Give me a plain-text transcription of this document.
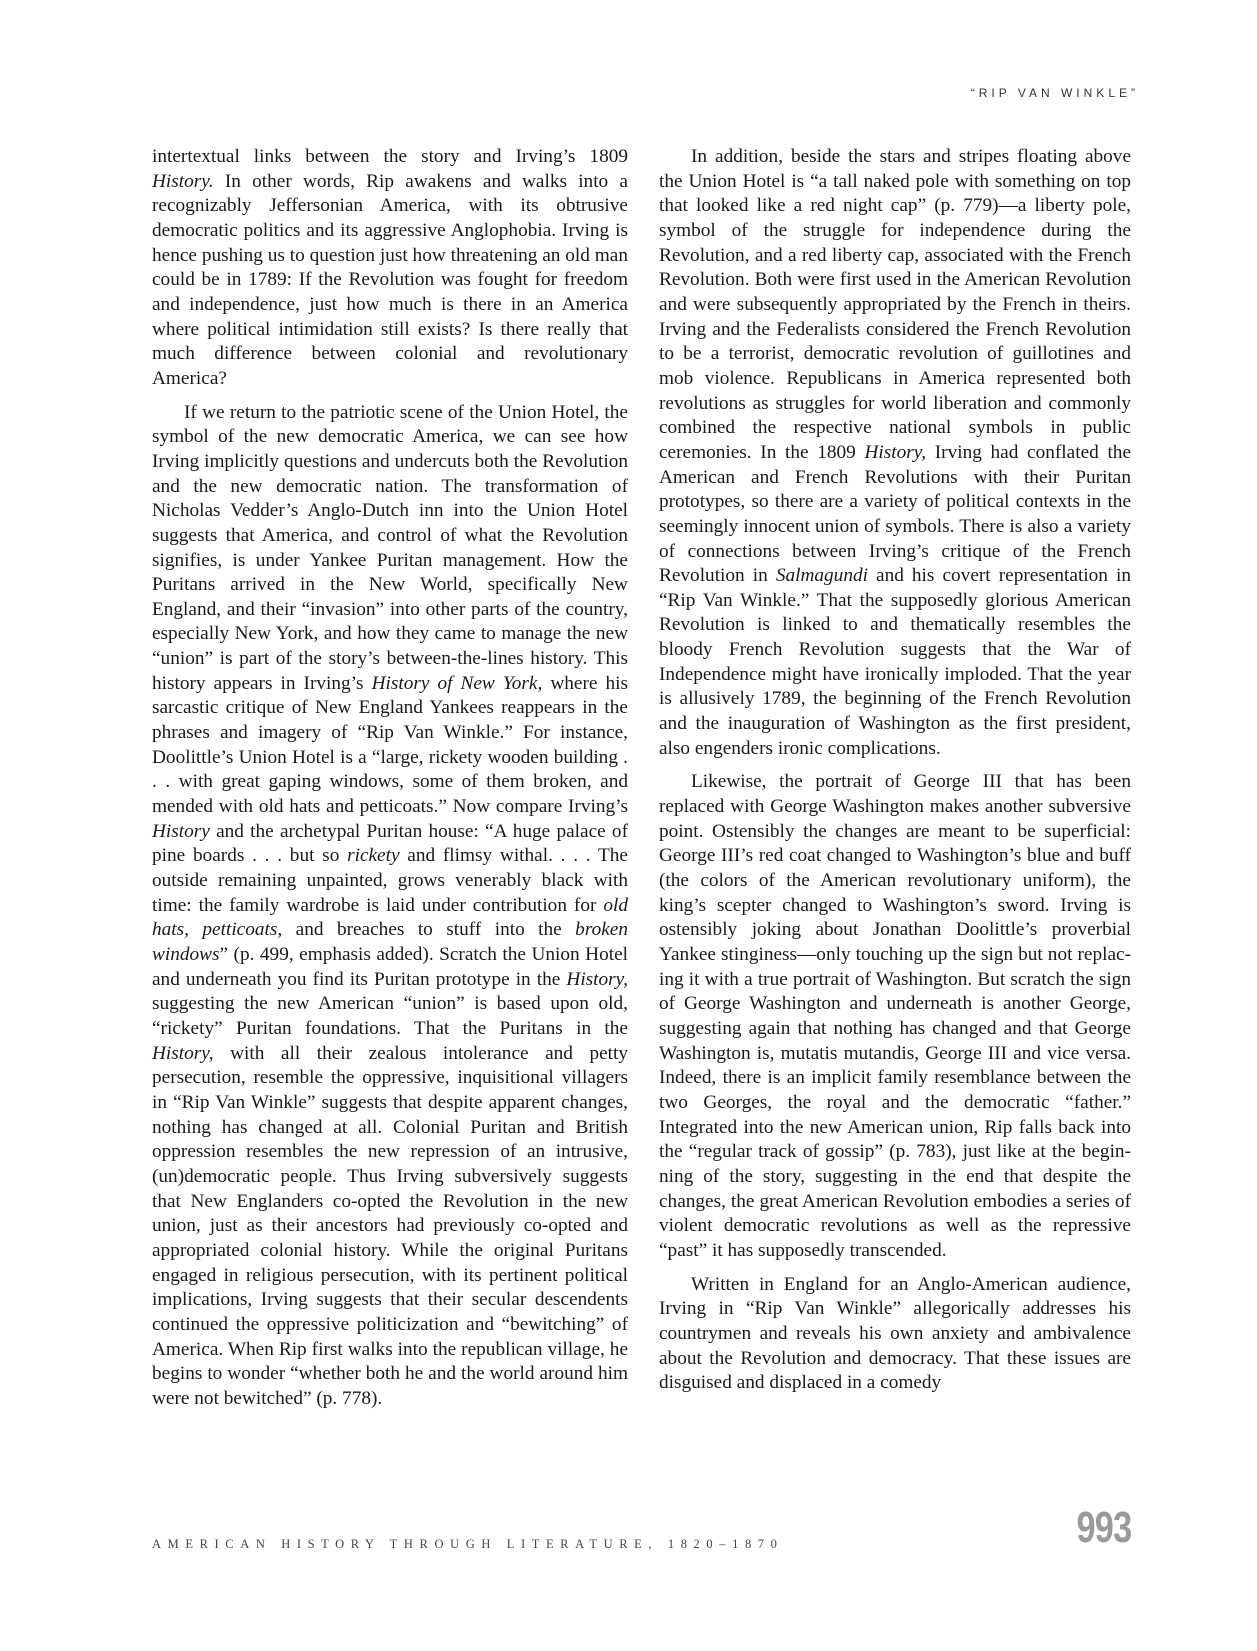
“RIP VAN WINKLE”

intertextual links between the story and Irving’s 1809 History. In other words, Rip awakens and walks into a recognizably Jeffersonian America, with its obtrusive democratic politics and its aggressive Anglophobia. Irving is hence pushing us to question just how threatening an old man could be in 1789: If the Revolution was fought for freedom and independence, just how much is there in an America where political intimidation still exists? Is there really that much difference between colonial and revolutionary America?

If we return to the patriotic scene of the Union Hotel, the symbol of the new democratic America, we can see how Irving implicitly questions and undercuts both the Revolution and the new democratic nation. The transformation of Nicholas Vedder’s Anglo-Dutch inn into the Union Hotel suggests that America, and control of what the Revolution signifies, is under Yankee Puritan management. How the Puritans arrived in the New World, specifically New England, and their “invasion” into other parts of the country, especially New York, and how they came to manage the new “union” is part of the story’s between-the-lines history. This history appears in Irving’s History of New York, where his sarcastic critique of New England Yankees reappears in the phrases and imagery of “Rip Van Winkle.” For instance, Doolittle’s Union Hotel is a “large, rickety wooden building . . . with great gaping windows, some of them broken, and mended with old hats and petticoats.” Now compare Irving’s History and the archetypal Puritan house: “A huge palace of pine boards . . . but so rickety and flimsy withal. . . . The outside remaining unpainted, grows venerably black with time: the family wardrobe is laid under contribution for old hats, petticoats, and breaches to stuff into the broken windows” (p. 499, emphasis added). Scratch the Union Hotel and underneath you find its Puritan prototype in the History, suggesting the new American “union” is based upon old, “rickety” Puritan foundations. That the Puritans in the History, with all their zealous intolerance and petty persecution, resemble the oppressive, inquisitional villagers in “Rip Van Winkle” suggests that despite apparent changes, nothing has changed at all. Colonial Puritan and British oppression resembles the new repression of an intrusive, (un)democratic people. Thus Irving subversively suggests that New Englanders co-opted the Revolution in the new union, just as their ancestors had previously co-opted and appropriated colonial history. While the original Puritans engaged in religious persecution, with its pertinent political implications, Irving suggests that their secular descendents continued the oppressive politicization and “bewitching” of America. When Rip first walks into the republican village, he begins to wonder “whether both he and the world around him were not bewitched” (p. 778).

In addition, beside the stars and stripes floating above the Union Hotel is “a tall naked pole with something on top that looked like a red night cap” (p. 779)—a liberty pole, symbol of the struggle for independence during the Revolution, and a red liberty cap, associated with the French Revolution. Both were first used in the American Revolution and were subsequently appropriated by the French in theirs. Irving and the Federalists considered the French Revolution to be a terrorist, democratic revolution of guillotines and mob violence. Republicans in America represented both revolutions as struggles for world liberation and commonly combined the respective national symbols in public ceremonies. In the 1809 History, Irving had conflated the American and French Revolutions with their Puritan prototypes, so there are a variety of political contexts in the seemingly innocent union of symbols. There is also a variety of connections between Irving’s critique of the French Revolution in Salmagundi and his covert representation in “Rip Van Winkle.” That the supposedly glorious American Revolution is linked to and thematically resembles the bloody French Revolution suggests that the War of Independence might have ironically imploded. That the year is allusively 1789, the beginning of the French Revolution and the inauguration of Washington as the first president, also engenders ironic complications.

Likewise, the portrait of George III that has been replaced with George Washington makes another subversive point. Ostensibly the changes are meant to be superficial: George III’s red coat changed to Washington’s blue and buff (the colors of the American revolutionary uniform), the king’s scepter changed to Washington’s sword. Irving is ostensibly joking about Jonathan Doolittle’s proverbial Yankee stinginess—only touching up the sign but not replacing it with a true portrait of Washington. But scratch the sign of George Washington and underneath is another George, suggesting again that nothing has changed and that George Washington is, mutatis mutandis, George III and vice versa. Indeed, there is an implicit family resemblance between the two Georges, the royal and the democratic “father.” Integrated into the new American union, Rip falls back into the “regular track of gossip” (p. 783), just like at the beginning of the story, suggesting in the end that despite the changes, the great American Revolution embodies a series of violent democratic revolutions as well as the repressive “past” it has supposedly transcended.

Written in England for an Anglo-American audience, Irving in “Rip Van Winkle” allegorically addresses his countrymen and reveals his own anxiety and ambivalence about the Revolution and democracy. That these issues are disguised and displaced in a comedy

AMERICAN HISTORY THROUGH LITERATURE, 1820–1870	993
